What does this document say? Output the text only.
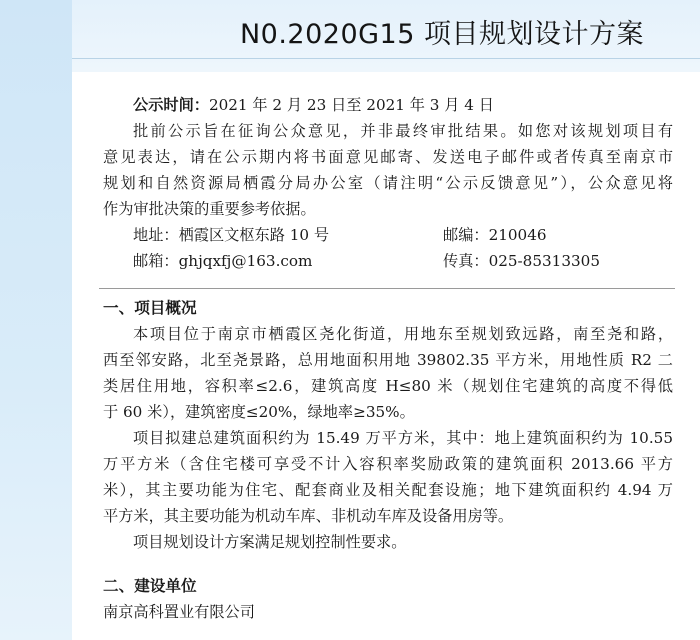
N0.2020G15 项目规划设计方案
公示时间：2021 年 2 月 23 日至 2021 年 3 月 4 日
批前公示旨在征询公众意见，并非最终审批结果。如您对该规划项目有
意见表达，请在公示期内将书面意见邮寄、发送电子邮件或者传真至南京市
规划和自然资源局栖霞分局办公室（请注明“公示反馈意见”），公众意见将
作为审批决策的重要参考依据。
地址：栖霞区文枢东路 10 号	邮编：210046
邮箱：ghjqxfj@163.com	传真：025-85313305
一、项目概况
本项目位于南京市栖霞区尧化街道，用地东至规划致远路，南至尧和路，
西至邻安路，北至尧景路，总用地面积用地 39802.35 平方米，用地性质 R2 二
类居住用地，容积率≤2.6，建筑高度 H≤80 米（规划住宅建筑的高度不得低
于 60 米），建筑密度≤20%，绿地率≥35%。
项目拟建总建筑面积约为 15.49 万平方米，其中：地上建筑面积约为 10.55
万平方米（含住宅楼可享受不计入容积率奖励政策的建筑面积 2013.66 平方
米），其主要功能为住宅、配套商业及相关配套设施；地下建筑面积约 4.94 万
平方米，其主要功能为机动车库、非机动车库及设备用房等。
项目规划设计方案满足规划控制性要求。
二、建设单位
南京高科置业有限公司
